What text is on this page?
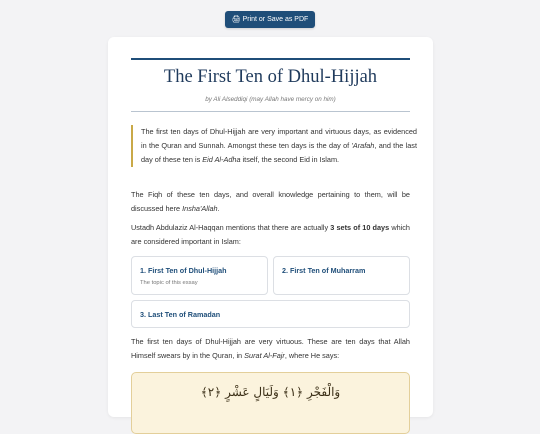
🖨 Print or Save as PDF
The First Ten of Dhul-Hijjah
by Ali Alseddiqi (may Allah have mercy on him)
The first ten days of Dhul-Hijjah are very important and virtuous days, as evidenced in the Quran and Sunnah. Amongst these ten days is the day of 'Arafah, and the last day of these ten is Eid Al-Adha itself, the second Eid in Islam.
The Fiqh of these ten days, and overall knowledge pertaining to them, will be discussed here Insha'Allah.
Ustadh Abdulaziz Al-Haqqan mentions that there are actually 3 sets of 10 days which are considered important in Islam:
1. First Ten of Dhul-Hijjah
The topic of this essay
2. First Ten of Muharram
3. Last Ten of Ramadan
The first ten days of Dhul-Hijjah are very virtuous. These are ten days that Allah Himself swears by in the Quran, in Surat Al-Fajr, where He says:
وَالْفَجْرِ ﴿١﴾ وَلَيَالٍ عَشْرٍ ﴿٢﴾
